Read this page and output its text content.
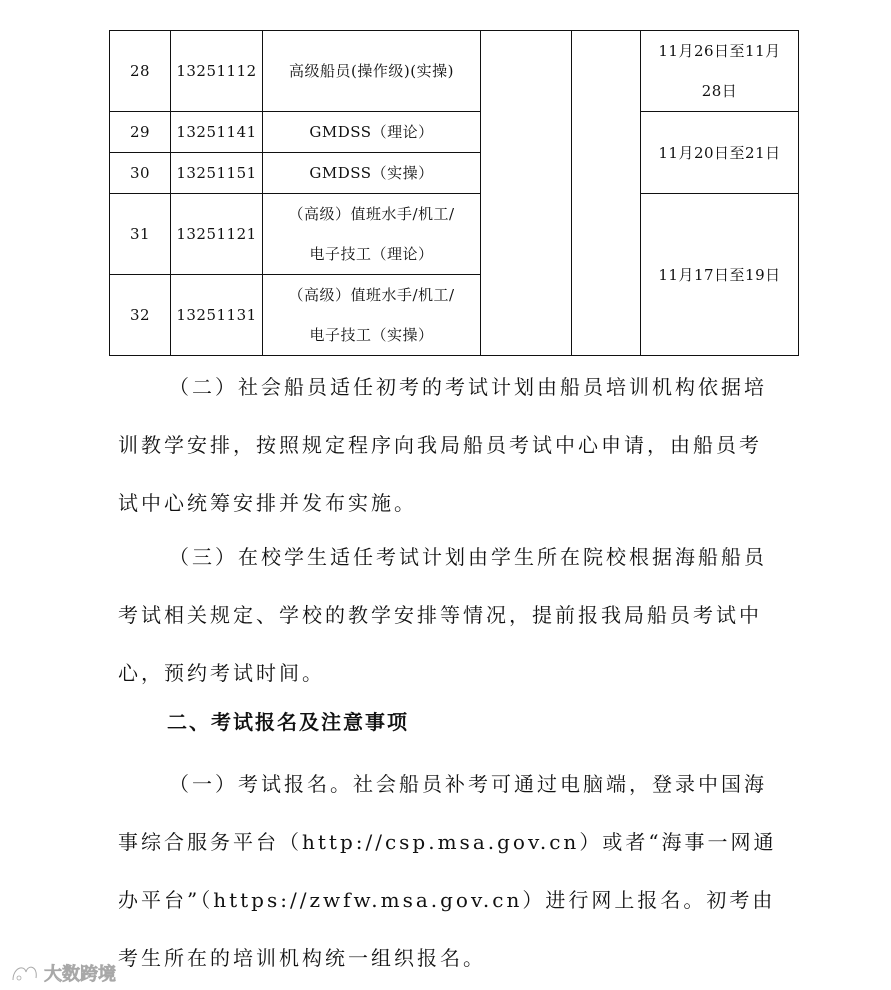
28	13251112	高级船员(操作级)(实操)			11月26日至11月
28日

29	13251141	GMDSS（理论）			11月20日至21日
30	13251151	GMDSS（实操）			
31	13251121	（高级）值班水手/机工/
电子技工（理论）			11月17日至19日
32	13251131	（高级）值班水手/机工/
电子技工（实操）			

（二）社会船员适任初考的考试计划由船员培训机构依据培训教学安排，按照规定程序向我局船员考试中心申请，由船员考试中心统筹安排并发布实施。

（三）在校学生适任考试计划由学生所在院校根据海船船员考试相关规定、学校的教学安排等情况，提前报我局船员考试中心，预约考试时间。

二、考试报名及注意事项

（一）考试报名。社会船员补考可通过电脑端，登录中国海事综合服务平台（http://csp.msa.gov.cn）或者“海事一网通办平台”（https://zwfw.msa.gov.cn）进行网上报名。初考由考生所在的培训机构统一组织报名。

大数跨境
